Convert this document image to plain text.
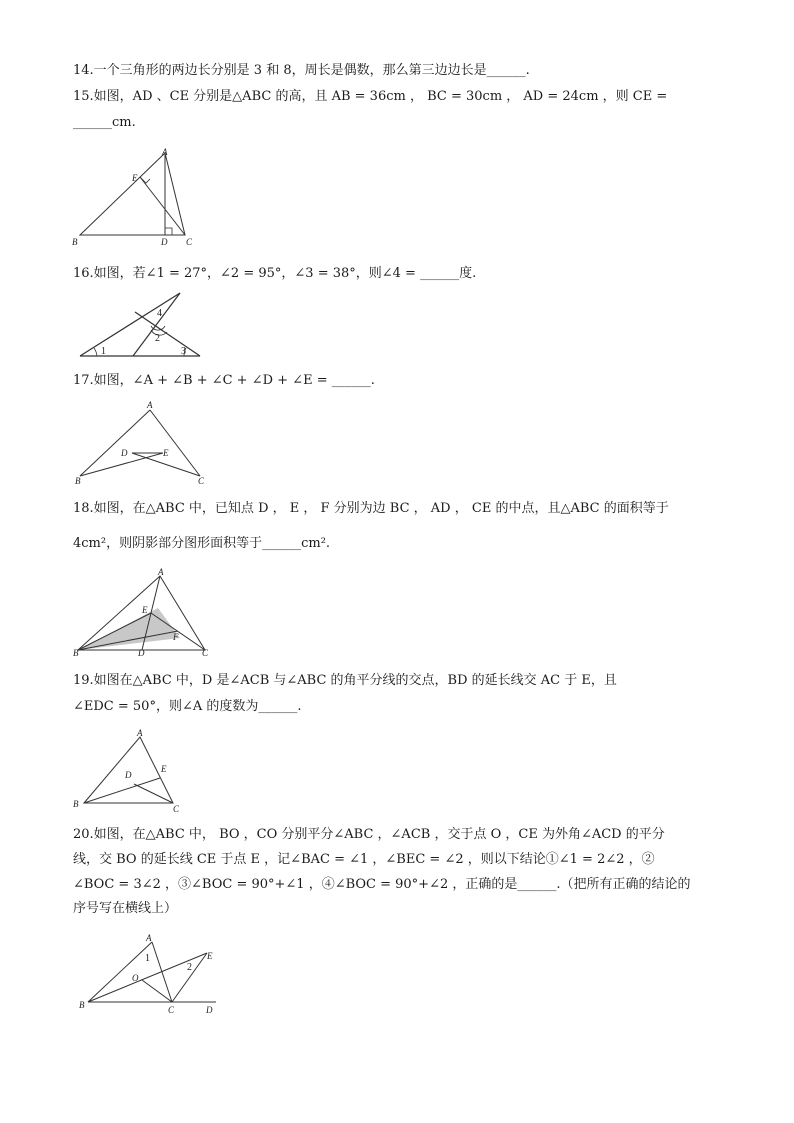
14.一个三角形的两边长分别是 3 和 8，周长是偶数，那么第三边边长是______.
15.如图，AD 、CE 分别是△ABC 的高，且 AB = 36cm ， BC = 30cm ， AD = 24cm ，则 CE =
______cm.
A
B	C
D
E
16.如图，若∠1 = 27°，∠2 = 95°，∠3 = 38°，则∠4 = ______度.
1
2
3
4
17.如图，∠A + ∠B + ∠C + ∠D + ∠E = ______.
A
B	C
D	E
18.如图，在△ABC 中，已知点 D ， E ， F 分别为边 BC ， AD ， CE 的中点，且△ABC 的面积等于
4cm²，则阴影部分图形面积等于______cm².
A
B	C
D
E
F
19.如图在△ABC 中，D 是∠ACB 与∠ABC 的角平分线的交点，BD 的延长线交 AC 于 E，且
∠EDC = 50°，则∠A 的度数为______.
A
B	C
D
E
20.如图，在△ABC 中， BO ，CO 分别平分∠ABC ，∠ACB ，交于点 O ，CE 为外角∠ACD 的平分
线，交 BO 的延长线 CE 于点 E ，记∠BAC = ∠1 ，∠BEC = ∠2 ，则以下结论①∠1 = 2∠2 ，②
∠BOC = 3∠2 ，③∠BOC = 90°+∠1 ，④∠BOC = 90°+∠2 ，正确的是______.（把所有正确的结论的
序号写在横线上）
A
B	C	D
E
O
1
2
